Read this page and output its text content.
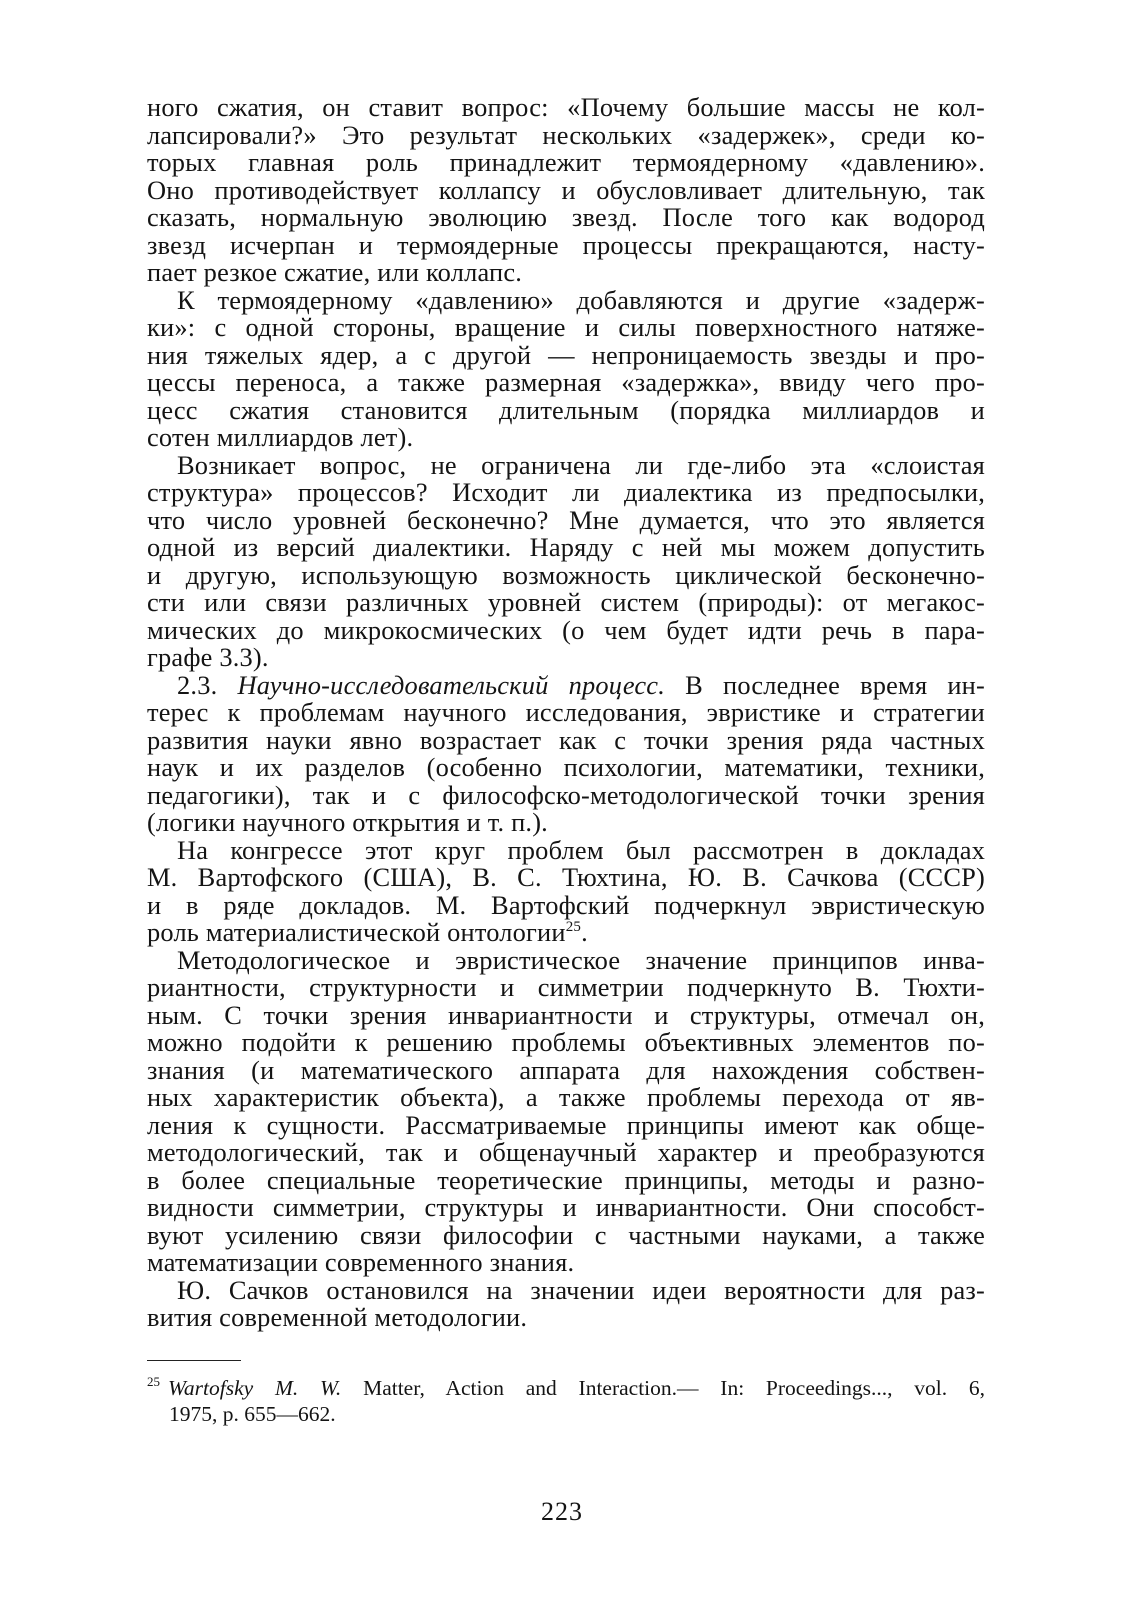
ного сжатия, он ставит вопрос: «Почему большие массы не кол-
лапсировали?» Это результат нескольких «задержек», среди ко-
торых главная роль принадлежит термоядерному «давлению».
Оно противодействует коллапсу и обусловливает длительную, так
сказать, нормальную эволюцию звезд. После того как водород
звезд исчерпан и термоядерные процессы прекращаются, насту-
пает резкое сжатие, или коллапс.
К термоядерному «давлению» добавляются и другие «задерж-
ки»: с одной стороны, вращение и силы поверхностного натяже-
ния тяжелых ядер, а с другой — непроницаемость звезды и про-
цессы переноса, а также размерная «задержка», ввиду чего про-
цесс сжатия становится длительным (порядка миллиардов и
сотен миллиардов лет).
Возникает вопрос, не ограничена ли где-либо эта «слоистая
структура» процессов? Исходит ли диалектика из предпосылки,
что число уровней бесконечно? Мне думается, что это является
одной из версий диалектики. Наряду с ней мы можем допустить
и другую, использующую возможность циклической бесконечно-
сти или связи различных уровней систем (природы): от мегакос-
мических до микрокосмических (о чем будет идти речь в пара-
графе 3.3).
2.3. Научно-исследовательский процесс. В последнее время ин-
терес к проблемам научного исследования, эвристике и стратегии
развития науки явно возрастает как с точки зрения ряда частных
наук и их разделов (особенно психологии, математики, техники,
педагогики), так и с философско-методологической точки зрения
(логики научного открытия и т. п.).
На конгрессе этот круг проблем был рассмотрен в докладах
М. Вартофского (США), В. С. Тюхтина, Ю. В. Сачкова (СССР)
и в ряде докладов. М. Вартофский подчеркнул эвристическую
роль материалистической онтологии$^{25}$.
Методологическое и эвристическое значение принципов инва-
риантности, структурности и симметрии подчеркнуто В. Тюхти-
ным. С точки зрения инвариантности и структуры, отмечал он,
можно подойти к решению проблемы объективных элементов по-
знания (и математического аппарата для нахождения собствен-
ных характеристик объекта), а также проблемы перехода от яв-
ления к сущности. Рассматриваемые принципы имеют как обще-
методологический, так и общенаучный характер и преобразуются
в более специальные теоретические принципы, методы и разно-
видности симметрии, структуры и инвариантности. Они способст-
вуют усилению связи философии с частными науками, а также
математизации современного знания.
Ю. Сачков остановился на значении идеи вероятности для раз-
вития современной методологии.
$^{25}$ Wartofsky M. W. Matter, Action and Interaction.— In: Proceedings..., vol. 6,
1975, p. 655—662.
223
